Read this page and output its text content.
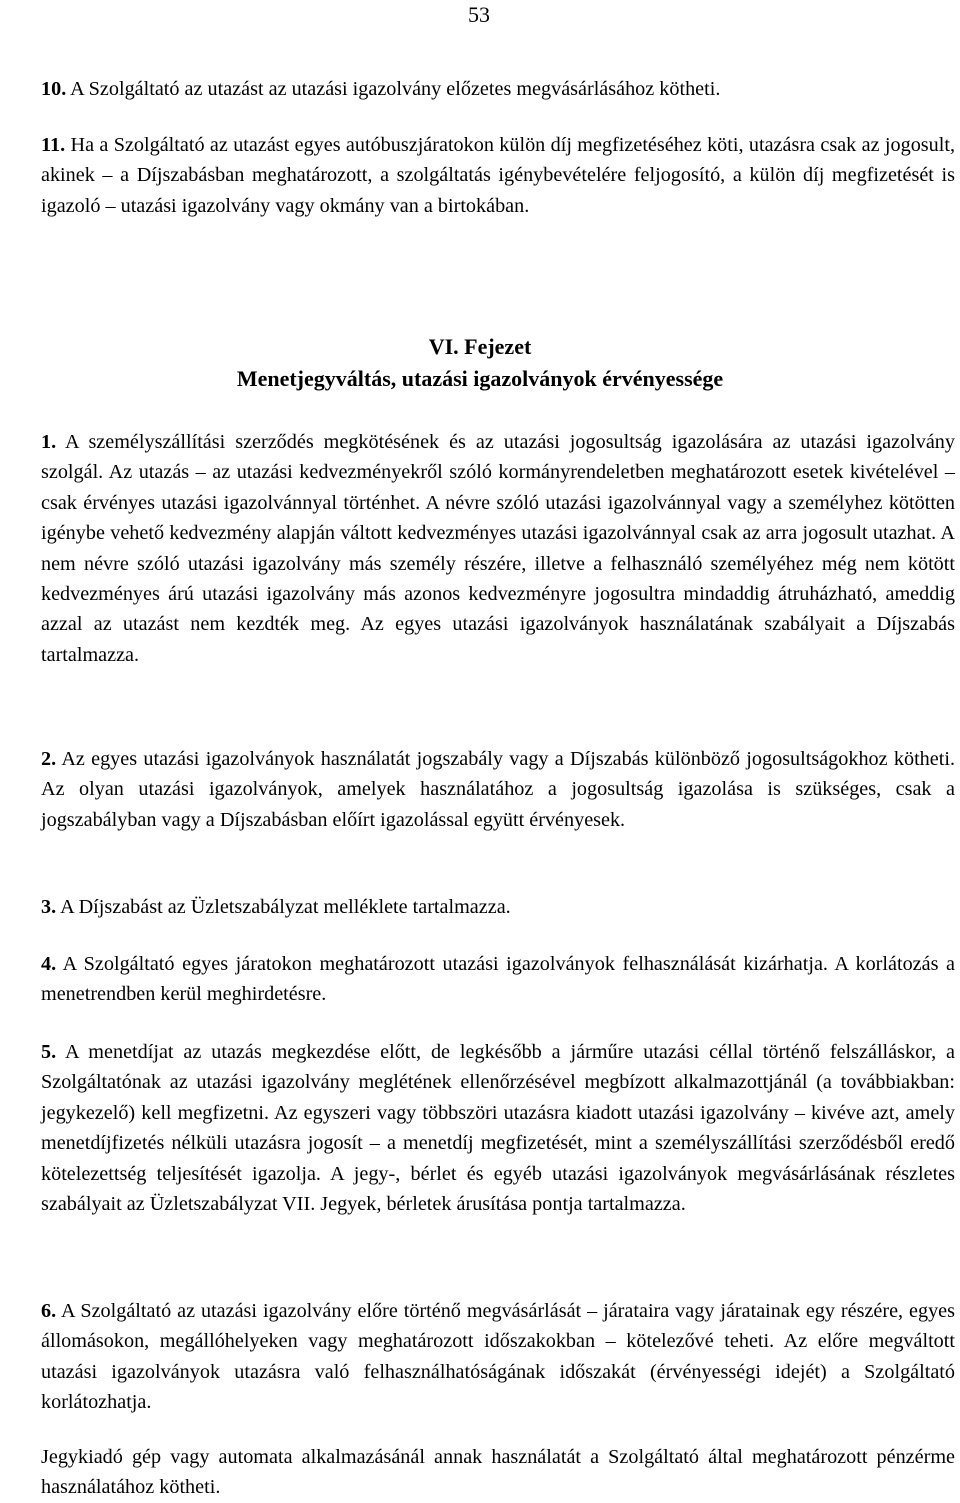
53

10. A Szolgáltató az utazást az utazási igazolvány előzetes megvásárlásához kötheti.

11. Ha a Szolgáltató az utazást egyes autóbuszjáratokon külön díj megfizetéséhez köti, utazásra csak az jogosult, akinek – a Díjszabásban meghatározott, a szolgáltatás igénybevételére feljogosító, a külön díj megfizetését is igazoló – utazási igazolvány vagy okmány van a birtokában.

VI. Fejezet
Menetjegyváltás, utazási igazolványok érvényessége

1. A személyszállítási szerződés megkötésének és az utazási jogosultság igazolására az utazási igazolvány szolgál. Az utazás – az utazási kedvezményekről szóló kormányrendeletben meghatározott esetek kivételével – csak érvényes utazási igazolvánnyal történhet. A névre szóló utazási igazolvánnyal vagy a személyhez kötötten igénybe vehető kedvezmény alapján váltott kedvezményes utazási igazolvánnyal csak az arra jogosult utazhat. A nem névre szóló utazási igazolvány más személy részére, illetve a felhasználó személyéhez még nem kötött kedvezményes árú utazási igazolvány más azonos kedvezményre jogosultra mindaddig átruházható, ameddig azzal az utazást nem kezdték meg. Az egyes utazási igazolványok használatának szabályait a Díjszabás tartalmazza.

2. Az egyes utazási igazolványok használatát jogszabály vagy a Díjszabás különböző jogosultságokhoz kötheti. Az olyan utazási igazolványok, amelyek használatához a jogosultság igazolása is szükséges, csak a jogszabályban vagy a Díjszabásban előírt igazolással együtt érvényesek.

3. A Díjszabást az Üzletszabályzat melléklete tartalmazza.

4. A Szolgáltató egyes járatokon meghatározott utazási igazolványok felhasználását kizárhatja. A korlátozás a menetrendben kerül meghirdetésre.

5. A menetdíjat az utazás megkezdése előtt, de legkésőbb a járműre utazási céllal történő felszálláskor, a Szolgáltatónak az utazási igazolvány meglétének ellenőrzésével megbízott alkalmazottjánál (a továbbiakban: jegykezelő) kell megfizetni. Az egyszeri vagy többszöri utazásra kiadott utazási igazolvány – kivéve azt, amely menetdíjfizetés nélküli utazásra jogosít – a menetdíj megfizetését, mint a személyszállítási szerződésből eredő kötelezettség teljesítését igazolja. A jegy-, bérlet és egyéb utazási igazolványok megvásárlásának részletes szabályait az Üzletszabályzat VII. Jegyek, bérletek árusítása pontja tartalmazza.

6. A Szolgáltató az utazási igazolvány előre történő megvásárlását – járataira vagy járatainak egy részére, egyes állomásokon, megállóhelyeken vagy meghatározott időszakokban – kötelezővé teheti. Az előre megváltott utazási igazolványok utazásra való felhasználhatóságának időszakát (érvényességi idejét) a Szolgáltató korlátozhatja.

Jegykiadó gép vagy automata alkalmazásánál annak használatát a Szolgáltató által meghatározott pénzérme használatához kötheti.
